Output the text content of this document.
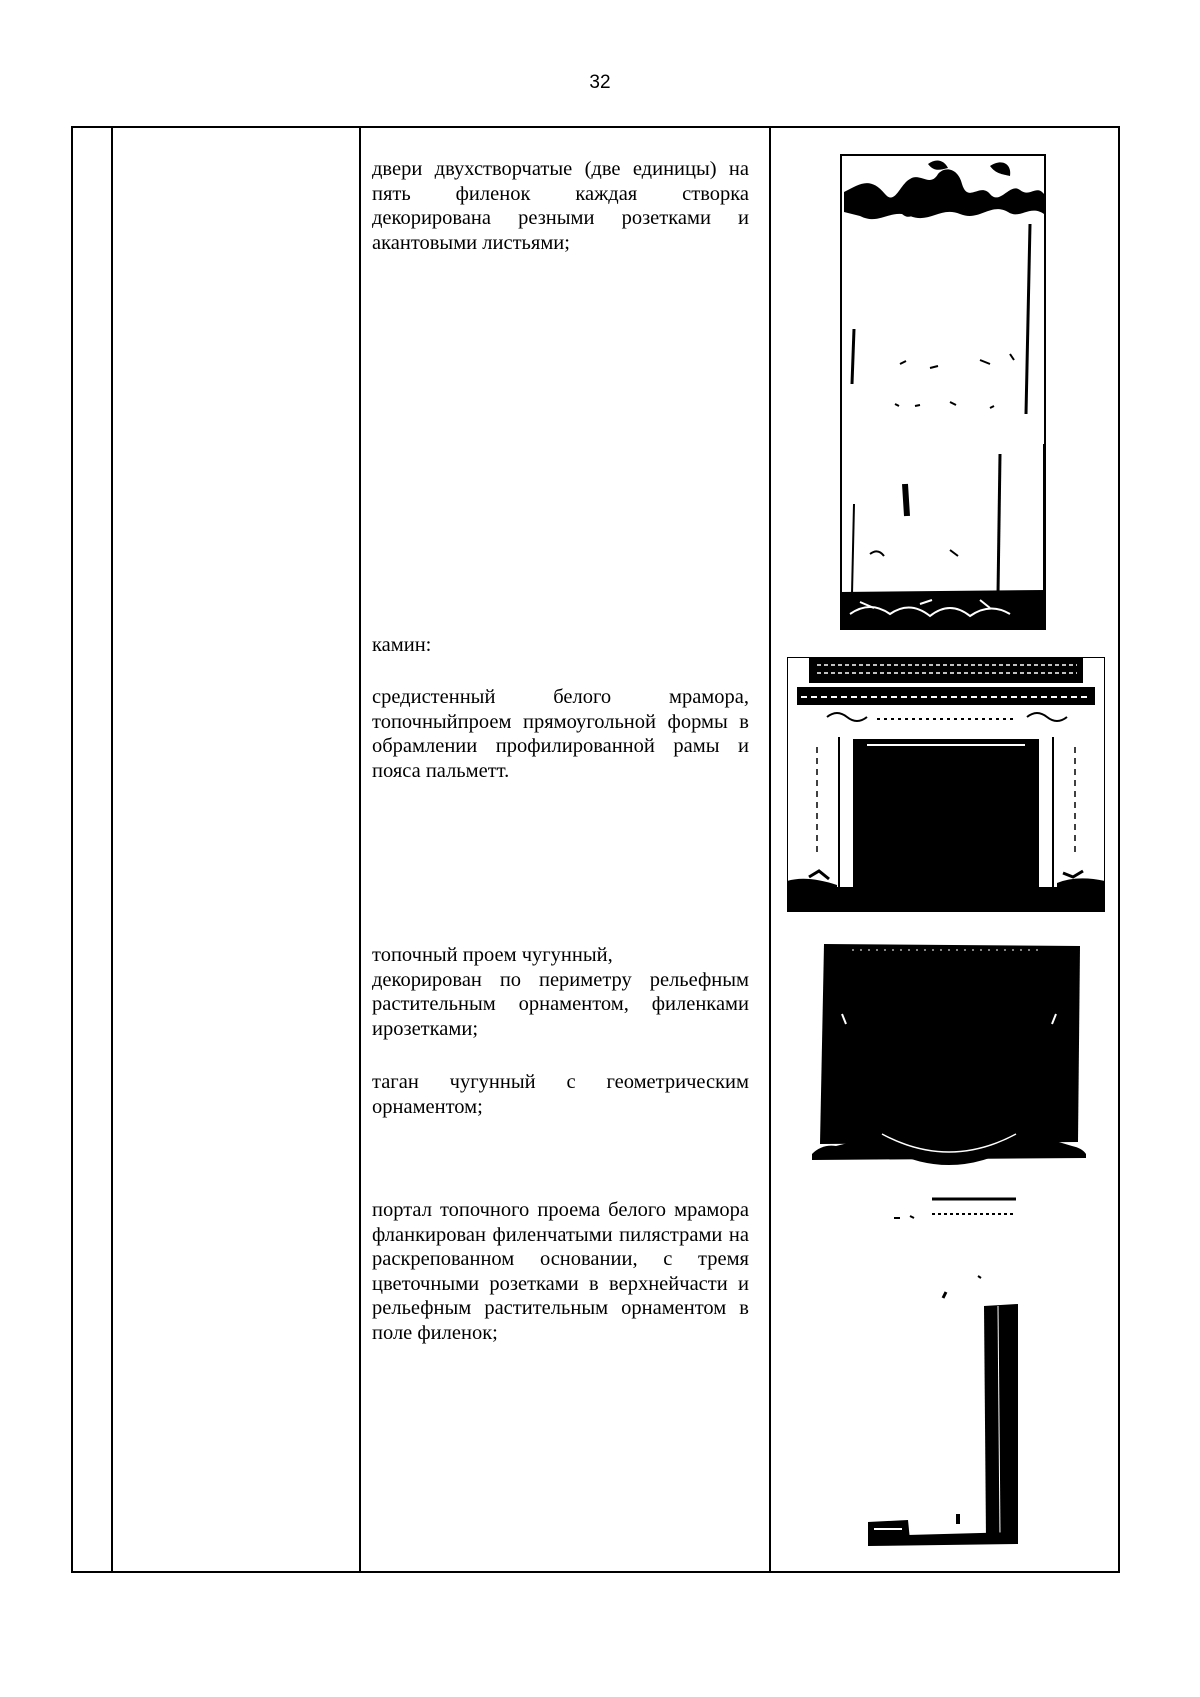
32
двери двухстворчатые (две единицы) на пять филенок каждая створка декорирована резными розетками и акантовыми листьями;
камин:
средистенный белого мрамора, топочныйпроем прямоугольной формы в обрамлении профилированной рамы и пояса пальметт.
топочный проем чугунный,
декорирован по периметру рельефным растительным орнаментом, филенками ирозетками;
таган чугунный с геометрическим орнаментом;
портал топочного проема белого мрамора фланкирован филенчатыми пилястрами на раскрепованном основании, с тремя цветочными розетками в верхнейчасти и рельефным растительным орнаментом в поле филенок;
